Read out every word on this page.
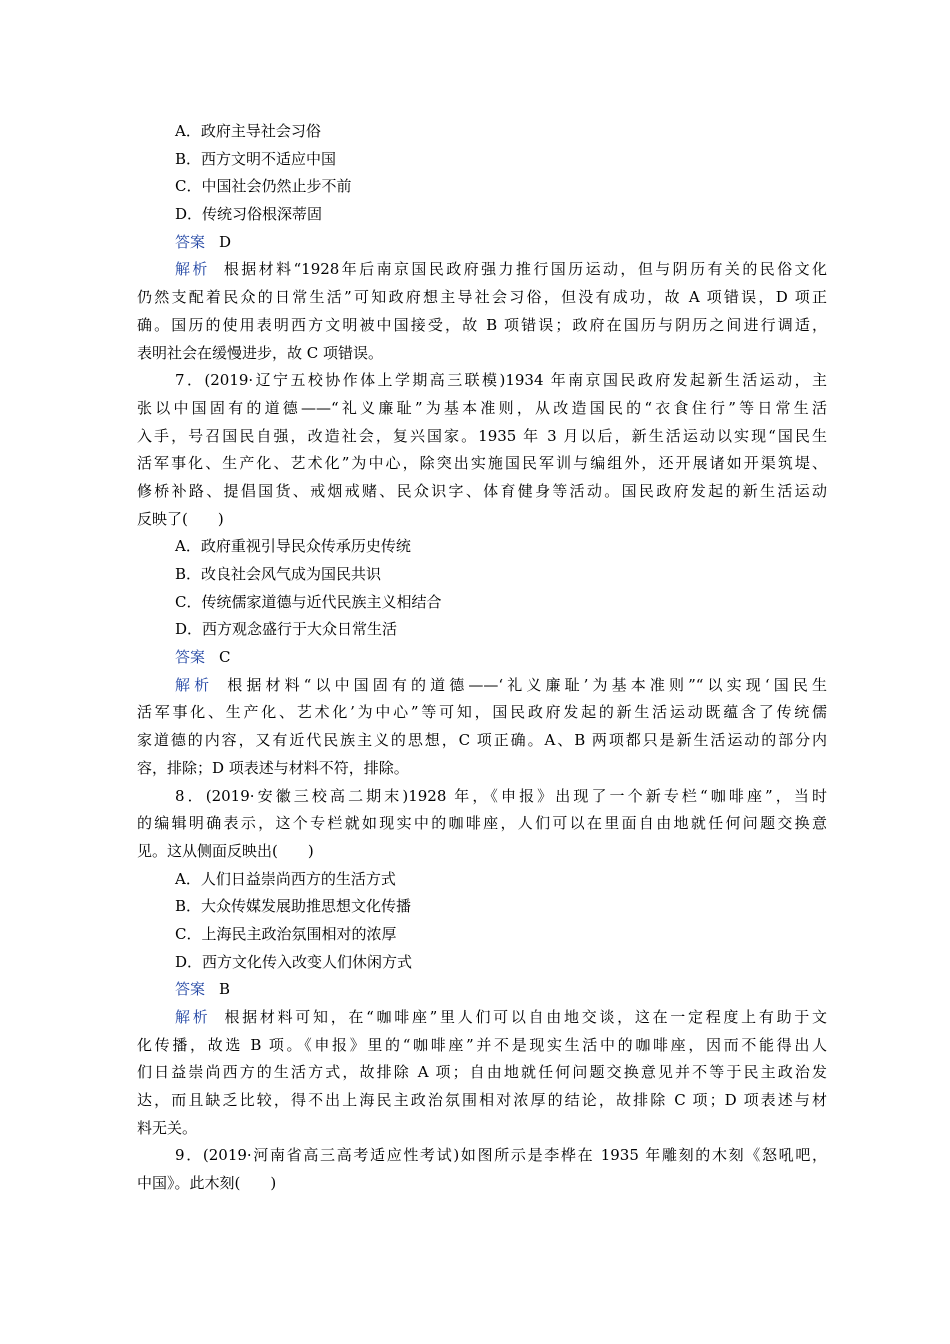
A．政府主导社会习俗
B．西方文明不适应中国
C．中国社会仍然止步不前
D．传统习俗根深蒂固
答案 D
解析 根据材料“1928年后南京国民政府强力推行国历运动，但与阴历有关的民俗文化
仍然支配着民众的日常生活”可知政府想主导社会习俗，但没有成功，故 A 项错误，D 项正
确。国历的使用表明西方文明被中国接受，故 B 项错误；政府在国历与阴历之间进行调适，
表明社会在缓慢进步，故 C 项错误。
7．(2019·辽宁五校协作体上学期高三联模)1934 年南京国民政府发起新生活运动，主
张以中国固有的道德——“礼义廉耻”为基本准则，从改造国民的“衣食住行”等日常生活
入手，号召国民自强，改造社会，复兴国家。1935 年 3 月以后，新生活运动以实现“国民生
活军事化、生产化、艺术化”为中心，除突出实施国民军训与编组外，还开展诸如开渠筑堤、
修桥补路、提倡国货、戒烟戒赌、民众识字、体育健身等活动。国民政府发起的新生活运动
反映了(　　)
A．政府重视引导民众传承历史传统
B．改良社会风气成为国民共识
C．传统儒家道德与近代民族主义相结合
D．西方观念盛行于大众日常生活
答案 C
解析 根据材料“以中国固有的道德——‘礼义廉耻’为基本准则”“以实现‘国民生
活军事化、生产化、艺术化’为中心”等可知，国民政府发起的新生活运动既蕴含了传统儒
家道德的内容，又有近代民族主义的思想，C 项正确。A、B 两项都只是新生活运动的部分内
容，排除；D 项表述与材料不符，排除。
8．(2019·安徽三校高二期末)1928 年，《申报》出现了一个新专栏“咖啡座”，当时
的编辑明确表示，这个专栏就如现实中的咖啡座，人们可以在里面自由地就任何问题交换意
见。这从侧面反映出(　　)
A．人们日益崇尚西方的生活方式
B．大众传媒发展助推思想文化传播
C．上海民主政治氛围相对的浓厚
D．西方文化传入改变人们休闲方式
答案 B
解析 根据材料可知，在“咖啡座”里人们可以自由地交谈，这在一定程度上有助于文
化传播，故选 B 项。《申报》里的“咖啡座”并不是现实生活中的咖啡座，因而不能得出人
们日益崇尚西方的生活方式，故排除 A 项；自由地就任何问题交换意见并不等于民主政治发
达，而且缺乏比较，得不出上海民主政治氛围相对浓厚的结论，故排除 C 项；D 项表述与材
料无关。
9．(2019·河南省高三高考适应性考试)如图所示是李桦在 1935 年雕刻的木刻《怒吼吧，
中国》。此木刻(　　)
